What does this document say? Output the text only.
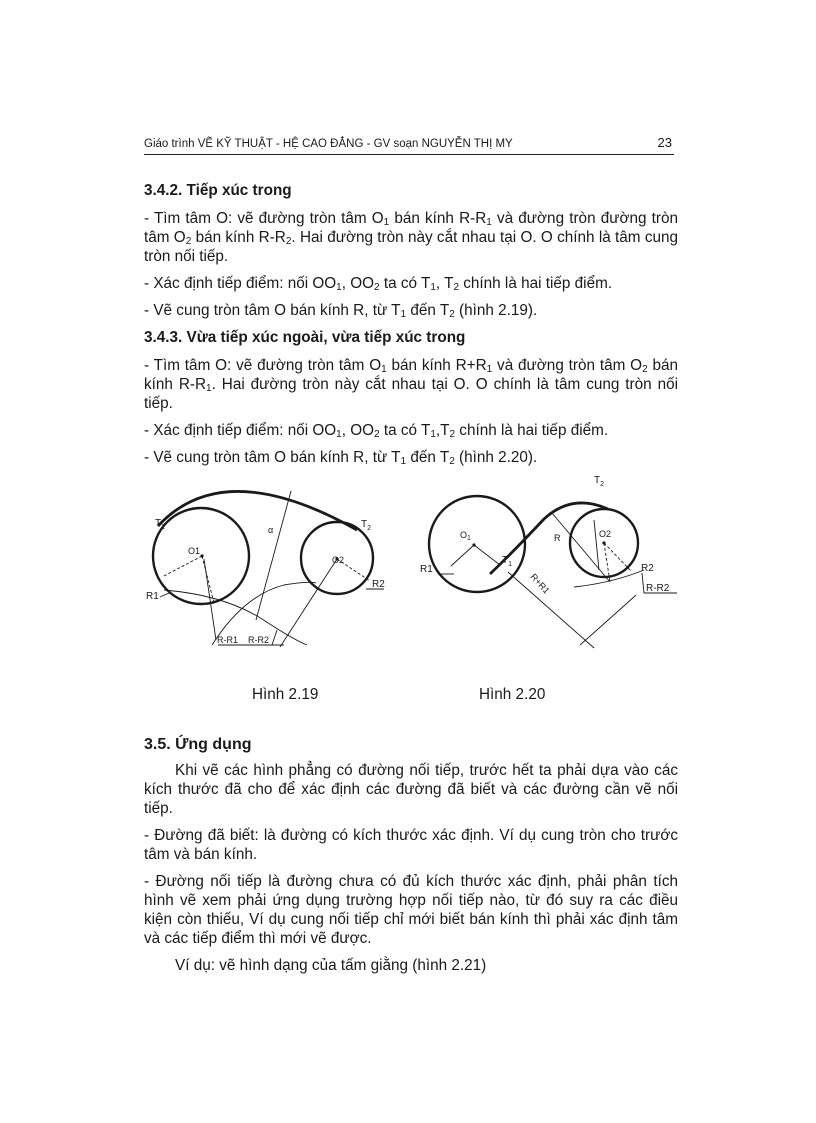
Giáo trình VẼ KỸ THUẬT - HỆ CAO ĐẲNG - GV soạn NGUYỄN THỊ MY	23
3.4.2. Tiếp xúc trong
- Tìm tâm O: vẽ đường tròn tâm $O_1$ bán kính $R-R_1$ và đường tròn đường tròn tâm $O_2$ bán kính $R-R_2$. Hai đường tròn này cắt nhau tại O. O chính là tâm cung tròn nối tiếp.
- Xác định tiếp điểm: nối $OO_1$, $OO_2$ ta có $T_1$, $T_2$ chính là hai tiếp điểm.
- Vẽ cung tròn tâm O bán kính R, từ $T_1$ đến $T_2$ (hình 2.19).
3.4.3. Vừa tiếp xúc ngoài, vừa tiếp xúc trong
- Tìm tâm O: vẽ đường tròn tâm $O_1$ bán kính $R+R_1$ và đường tròn tâm $O_2$ bán kính $R-R_1$. Hai đường tròn này cắt nhau tại O. O chính là tâm cung tròn nối tiếp.
- Xác định tiếp điểm: nối $OO_1$, $OO_2$ ta có $T_1,T_2$ chính là hai tiếp điểm.
- Vẽ cung tròn tâm O bán kính R, từ $T_1$ đến $T_2$ (hình 2.20).
$T_1$	$T_2$
O1
O2
R1
R2
R-R1 R-R2
α
$T_2$
$T_1$
$O_1$	O2
R1	R2
R-R2
R
R+R1
Hình 2.19	Hình 2.20
3.5. Ứng dụng
Khi vẽ các hình phẳng có đường nối tiếp, trước hết ta phải dựa vào các kích thước đã cho để xác định các đường đã biết và các đường cần vẽ nối tiếp.
- Đường đã biết: là đường có kích thước xác định. Ví dụ cung tròn cho trước tâm và bán kính.
- Đường nối tiếp là đường chưa có đủ kích thước xác định, phải phân tích hình vẽ xem phải ứng dụng trường hợp nối tiếp nào, từ đó suy ra các điều kiện còn thiếu, Ví dụ cung nối tiếp chỉ mới biết bán kính thì phải xác định tâm và các tiếp điểm thì mới vẽ được.
Ví dụ: vẽ hình dạng của tấm giằng (hình 2.21)
